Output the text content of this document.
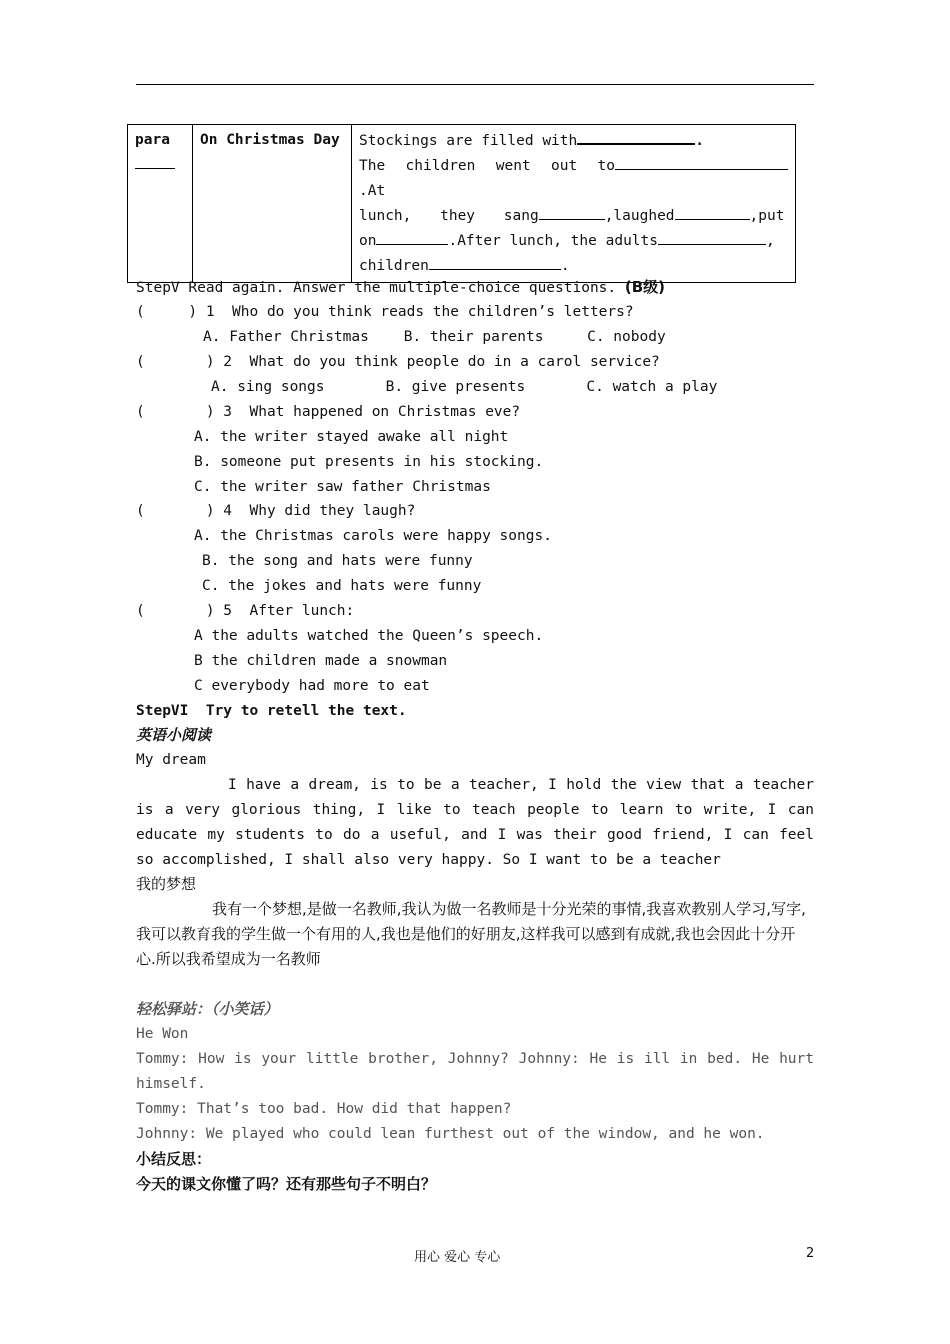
para	On Christmas Day	Stockings are filled with	.
The children went out to.At
lunch, they sang	,laughed	,put
on	.After lunch, the adults	,
children	.
StepV Read again. Answer the multiple-choice questions. (B级)
(     ) 1  Who do you think reads the children’s letters?
A. Father Christmas    B. their parents     C. nobody
(       ) 2  What do you think people do in a carol service?
A. sing songs       B. give presents       C. watch a play
(       ) 3  What happened on Christmas eve?
A. the writer stayed awake all night
B. someone put presents in his stocking.
C. the writer saw father Christmas
(       ) 4  Why did they laugh?
A. the Christmas carols were happy songs.
B. the song and hats were funny
C. the jokes and hats were funny
(       ) 5  After lunch:
A the adults watched the Queen’s speech.
B the children made a snowman
C everybody had more to eat
StepVI  Try to retell the text.
英语小阅读
My dream
I have a dream, is to be a teacher, I hold the view that a teacher is a very glorious thing, I like to teach people to learn to write, I can educate my students to do a useful, and I was their good friend, I can feel so accomplished, I shall also very happy. So I want to be a teacher
我的梦想
我有一个梦想,是做一名教师,我认为做一名教师是十分光荣的事情,我喜欢教别人学习,写字,我可以教育我的学生做一个有用的人,我也是他们的好朋友,这样我可以感到有成就,我也会因此十分开心.所以我希望成为一名教师
轻松驿站：（小笑话）
He Won
Tommy: How is your little brother, Johnny? Johnny: He is ill in bed. He hurt himself.
Tommy: That’s too bad. How did that happen?
Johnny: We played who could lean furthest out of the window, and he won.
小结反思：
今天的课文你懂了吗？还有那些句子不明白？
用心 爱心 专心	2
